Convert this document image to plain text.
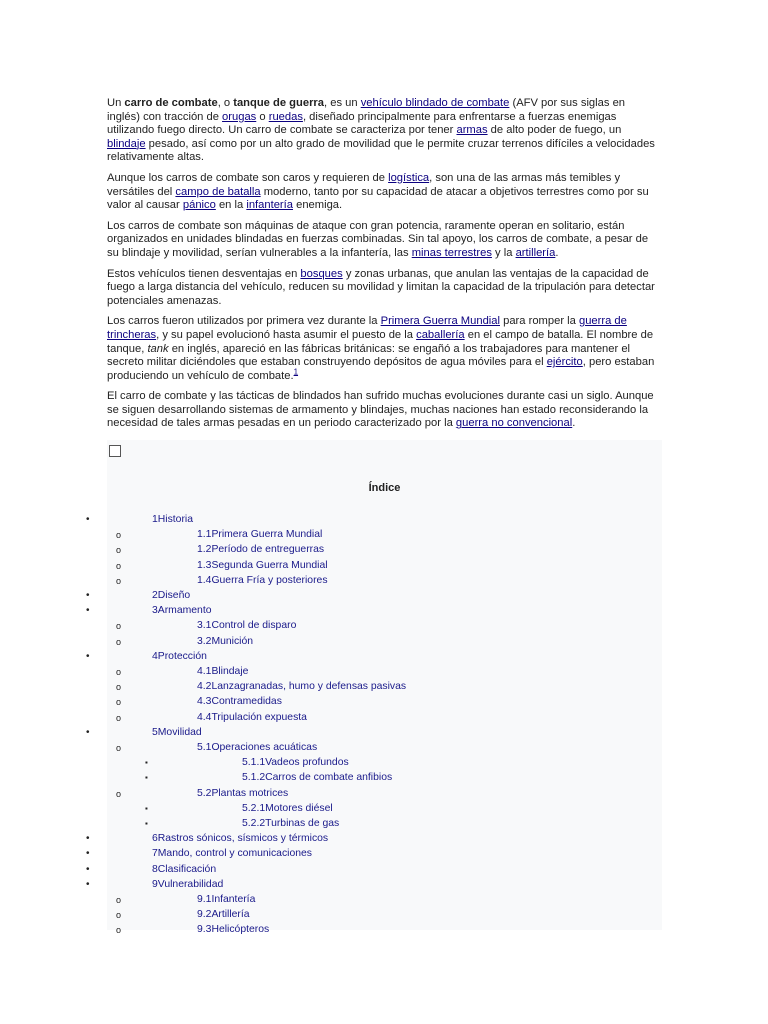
Un carro de combate, o tanque de guerra, es un vehículo blindado de combate (AFV por sus siglas en inglés) con tracción de orugas o ruedas, diseñado principalmente para enfrentarse a fuerzas enemigas utilizando fuego directo. Un carro de combate se caracteriza por tener armas de alto poder de fuego, un blindaje pesado, así como por un alto grado de movilidad que le permite cruzar terrenos difíciles a velocidades relativamente altas.

Aunque los carros de combate son caros y requieren de logística, son una de las armas más temibles y versátiles del campo de batalla moderno, tanto por su capacidad de atacar a objetivos terrestres como por su valor al causar pánico en la infantería enemiga.

Los carros de combate son máquinas de ataque con gran potencia, raramente operan en solitario, están organizados en unidades blindadas en fuerzas combinadas. Sin tal apoyo, los carros de combate, a pesar de su blindaje y movilidad, serían vulnerables a la infantería, las minas terrestres y la artillería.

Estos vehículos tienen desventajas en bosques y zonas urbanas, que anulan las ventajas de la capacidad de fuego a larga distancia del vehículo, reducen su movilidad y limitan la capacidad de la tripulación para detectar potenciales amenazas.

Los carros fueron utilizados por primera vez durante la Primera Guerra Mundial para romper la guerra de trincheras, y su papel evolucionó hasta asumir el puesto de la caballería en el campo de batalla. El nombre de tanque, tank en inglés, apareció en las fábricas británicas: se engañó a los trabajadores para mantener el secreto militar diciéndoles que estaban construyendo depósitos de agua móviles para el ejército, pero estaban produciendo un vehículo de combate.$^1$

El carro de combate y las tácticas de blindados han sufrido muchas evoluciones durante casi un siglo. Aunque se siguen desarrollando sistemas de armamento y blindajes, muchas naciones han estado reconsiderando la necesidad de tales armas pesadas en un periodo caracterizado por la guerra no convencional.

Índice
•
1Historia
o
1.1Primera Guerra Mundial
o
1.2Período de entreguerras
o
1.3Segunda Guerra Mundial
o
1.4Guerra Fría y posteriores
•
2Diseño
•
3Armamento
o
3.1Control de disparo
o
3.2Munición
•
4Protección
o
4.1Blindaje
o
4.2Lanzagranadas, humo y defensas pasivas
o
4.3Contramedidas
o
4.4Tripulación expuesta
•
5Movilidad
o
5.1Operaciones acuáticas
▪
5.1.1Vadeos profundos
▪
5.1.2Carros de combate anfibios
o
5.2Plantas motrices
▪
5.2.1Motores diésel
▪
5.2.2Turbinas de gas
•
6Rastros sónicos, sísmicos y térmicos
•
7Mando, control y comunicaciones
•
8Clasificación
•
9Vulnerabilidad
o
9.1Infantería
o
9.2Artillería
o
9.3Helicópteros
